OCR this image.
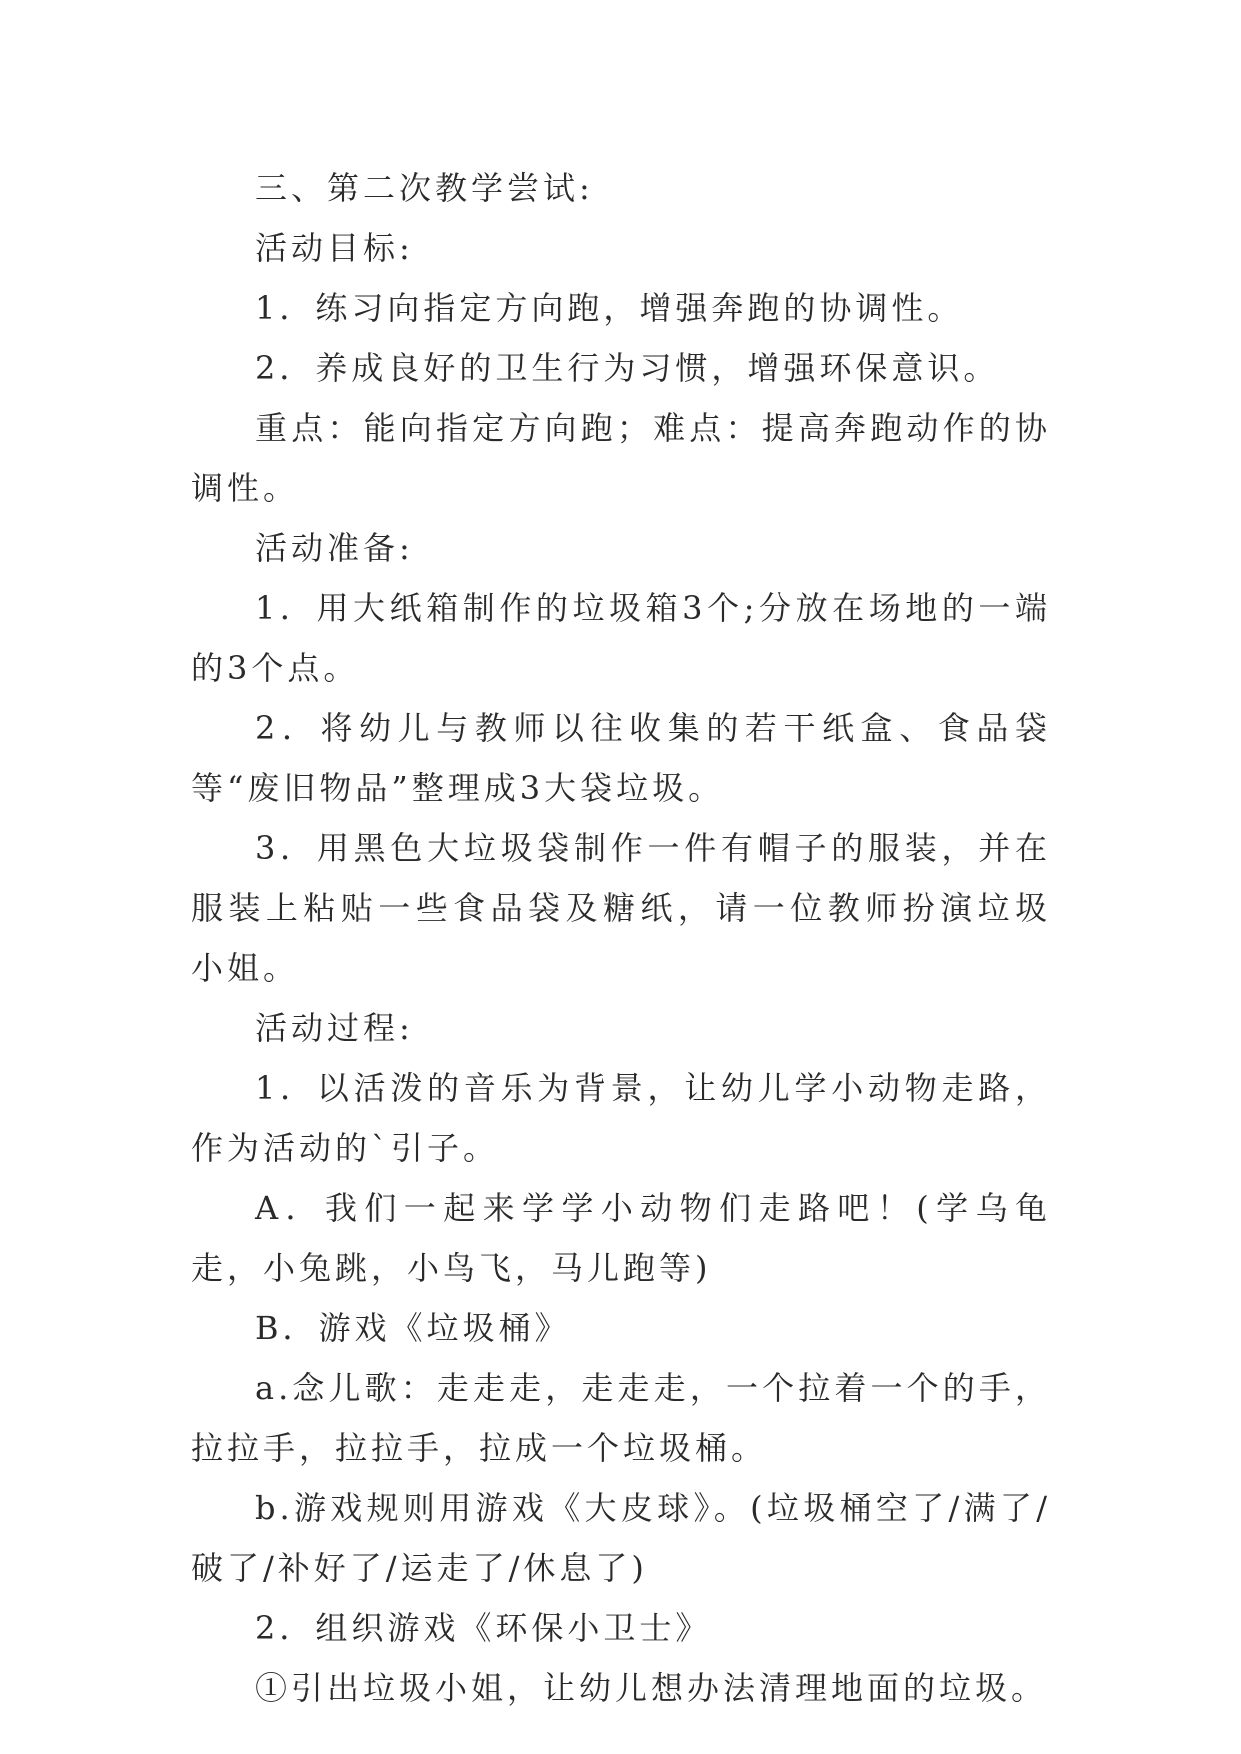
三、第二次教学尝试:

活动目标:

1．练习向指定方向跑，增强奔跑的协调性。

2．养成良好的卫生行为习惯，增强环保意识。

重点：能向指定方向跑；难点：提高奔跑动作的协调性。

活动准备:

1．用大纸箱制作的垃圾箱3个;分放在场地的一端的3个点。

2．将幼儿与教师以往收集的若干纸盒、食品袋等“废旧物品”整理成3大袋垃圾。

3．用黑色大垃圾袋制作一件有帽子的服装，并在服装上粘贴一些食品袋及糖纸，请一位教师扮演垃圾小姐。

活动过程:

1．以活泼的音乐为背景，让幼儿学小动物走路，作为活动的`引子。

A．我们一起来学学小动物们走路吧！(学乌龟走，小兔跳，小鸟飞，马儿跑等)

B．游戏《垃圾桶》

a.念儿歌：走走走，走走走，一个拉着一个的手，拉拉手，拉拉手，拉成一个垃圾桶。

b.游戏规则用游戏《大皮球》。(垃圾桶空了/满了/破了/补好了/运走了/休息了)

2．组织游戏《环保小卫士》

①引出垃圾小姐，让幼儿想办法清理地面的垃圾。
